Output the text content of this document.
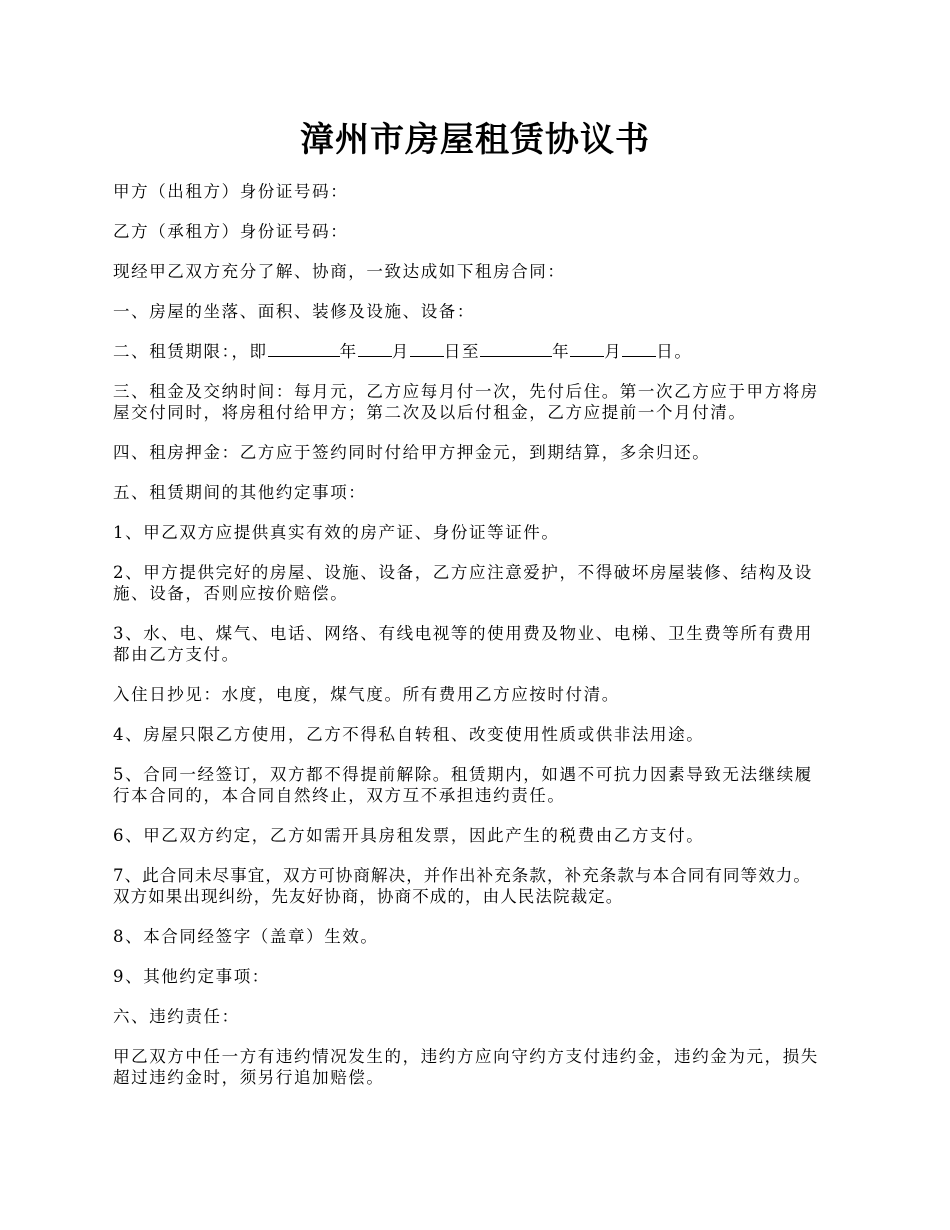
漳州市房屋租赁协议书
甲方（出租方）身份证号码：
乙方（承租方）身份证号码：
现经甲乙双方充分了解、协商，一致达成如下租房合同：
一、房屋的坐落、面积、装修及设施、设备：
二、租赁期限：，即	年 月 日至	年 月 日。
三、租金及交纳时间：每月元，乙方应每月付一次，先付后住。第一次乙方应于甲方将房
屋交付同时，将房租付给甲方；第二次及以后付租金，乙方应提前一个月付清。
四、租房押金：乙方应于签约同时付给甲方押金元，到期结算，多余归还。
五、租赁期间的其他约定事项：
1、甲乙双方应提供真实有效的房产证、身份证等证件。
2、甲方提供完好的房屋、设施、设备，乙方应注意爱护，不得破坏房屋装修、结构及设
施、设备，否则应按价赔偿。
3、水、电、煤气、电话、网络、有线电视等的使用费及物业、电梯、卫生费等所有费用
都由乙方支付。
入住日抄见：水度，电度，煤气度。所有费用乙方应按时付清。
4、房屋只限乙方使用，乙方不得私自转租、改变使用性质或供非法用途。
5、合同一经签订，双方都不得提前解除。租赁期内，如遇不可抗力因素导致无法继续履
行本合同的，本合同自然终止，双方互不承担违约责任。
6、甲乙双方约定，乙方如需开具房租发票，因此产生的税费由乙方支付。
7、此合同未尽事宜，双方可协商解决，并作出补充条款，补充条款与本合同有同等效力。
双方如果出现纠纷，先友好协商，协商不成的，由人民法院裁定。
8、本合同经签字（盖章）生效。
9、其他约定事项：
六、违约责任：
甲乙双方中任一方有违约情况发生的，违约方应向守约方支付违约金，违约金为元，损失
超过违约金时，须另行追加赔偿。
